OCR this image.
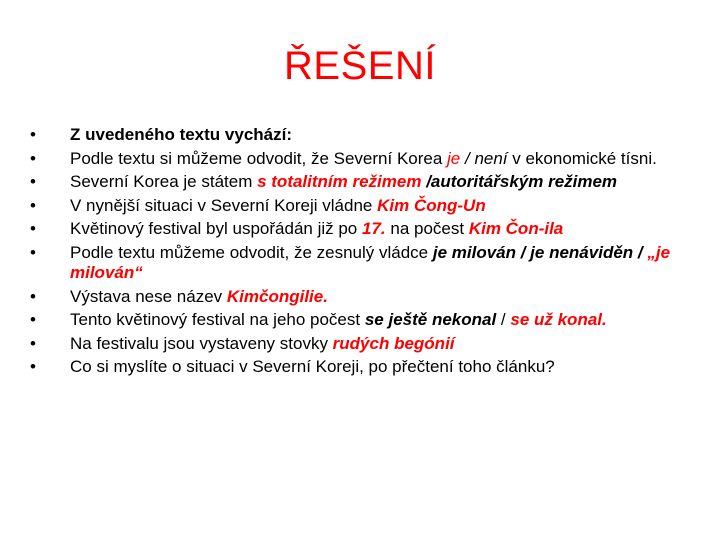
ŘEŠENÍ
•	Z uvedeného textu vychází:
•	Podle textu si můžeme odvodit, že Severní Korea je / není v ekonomické tísni.
•	Severní Korea je státem s totalitním režimem /autoritářským režimem
•	V nynější situaci v Severní Koreji vládne Kim Čong-Un
•	Květinový festival byl uspořádán již po 17. na počest Kim Čon-ila
•	Podle textu můžeme odvodit, že zesnulý vládce je milován / je nenáviděn / „je milován“
•	Výstava nese název Kimčongilie.
•	Tento květinový festival na jeho počest se ještě nekonal / se už konal.
•	Na festivalu jsou vystaveny stovky rudých begónií
•	Co si myslíte o situaci v Severní Koreji, po přečtení toho článku?
